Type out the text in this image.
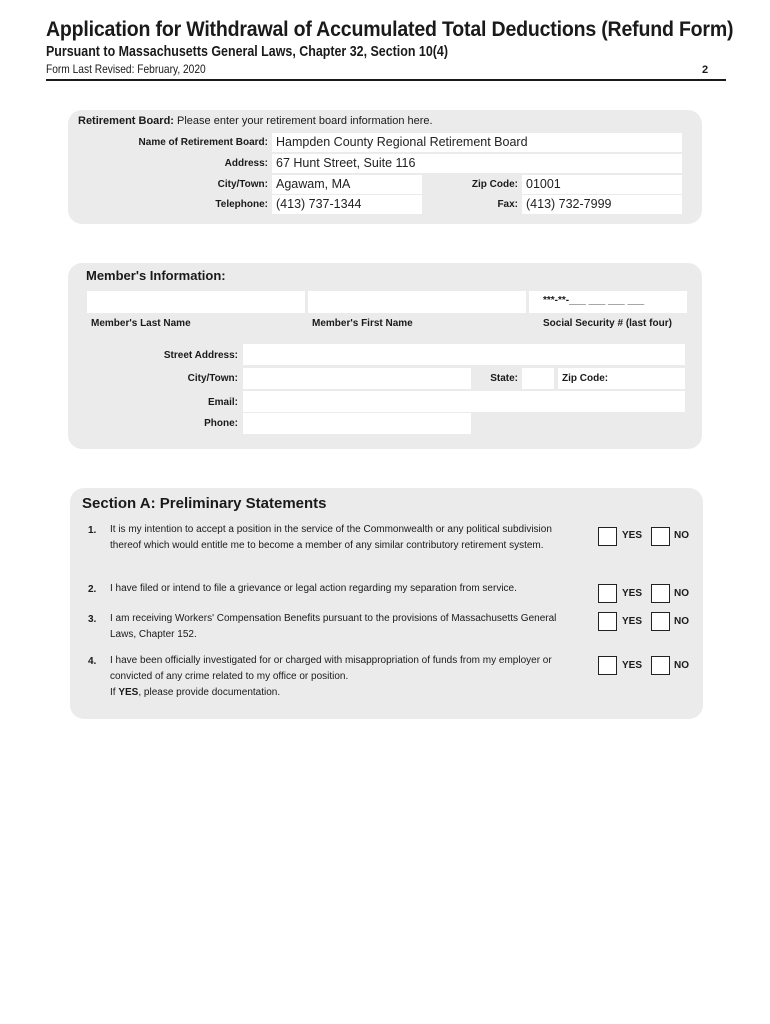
Application for Withdrawal of Accumulated Total Deductions (Refund Form)
Pursuant to Massachusetts General Laws, Chapter 32, Section 10(4)
Form Last Revised: February, 2020	2
Retirement Board: Please enter your retirement board information here.
Name of Retirement Board: Hampden County Regional Retirement Board
Address: 67 Hunt Street, Suite 116
City/Town: Agawam, MA	Zip Code: 01001
Telephone: (413) 737-1344	Fax: (413) 732-7999
Member's Information:
***-**-___ ___ ___ ___
Member's Last Name	Member's First Name	Social Security # (last four)
Street Address:
City/Town:	State:	Zip Code:
Email:
Phone:
Section A: Preliminary Statements
1. It is my intention to accept a position in the service of the Commonwealth or any political subdivision thereof which would entitle me to become a member of any similar contributory retirement system.
YES	NO
2. I have filed or intend to file a grievance or legal action regarding my separation from service.	YES	NO
3. I am receiving Workers' Compensation Benefits pursuant to the provisions of Massachusetts General Laws, Chapter 152.
YES	NO
4. I have been officially investigated for or charged with misappropriation of funds from my employer or convicted of any crime related to my office or position.
If YES, please provide documentation.
YES	NO
